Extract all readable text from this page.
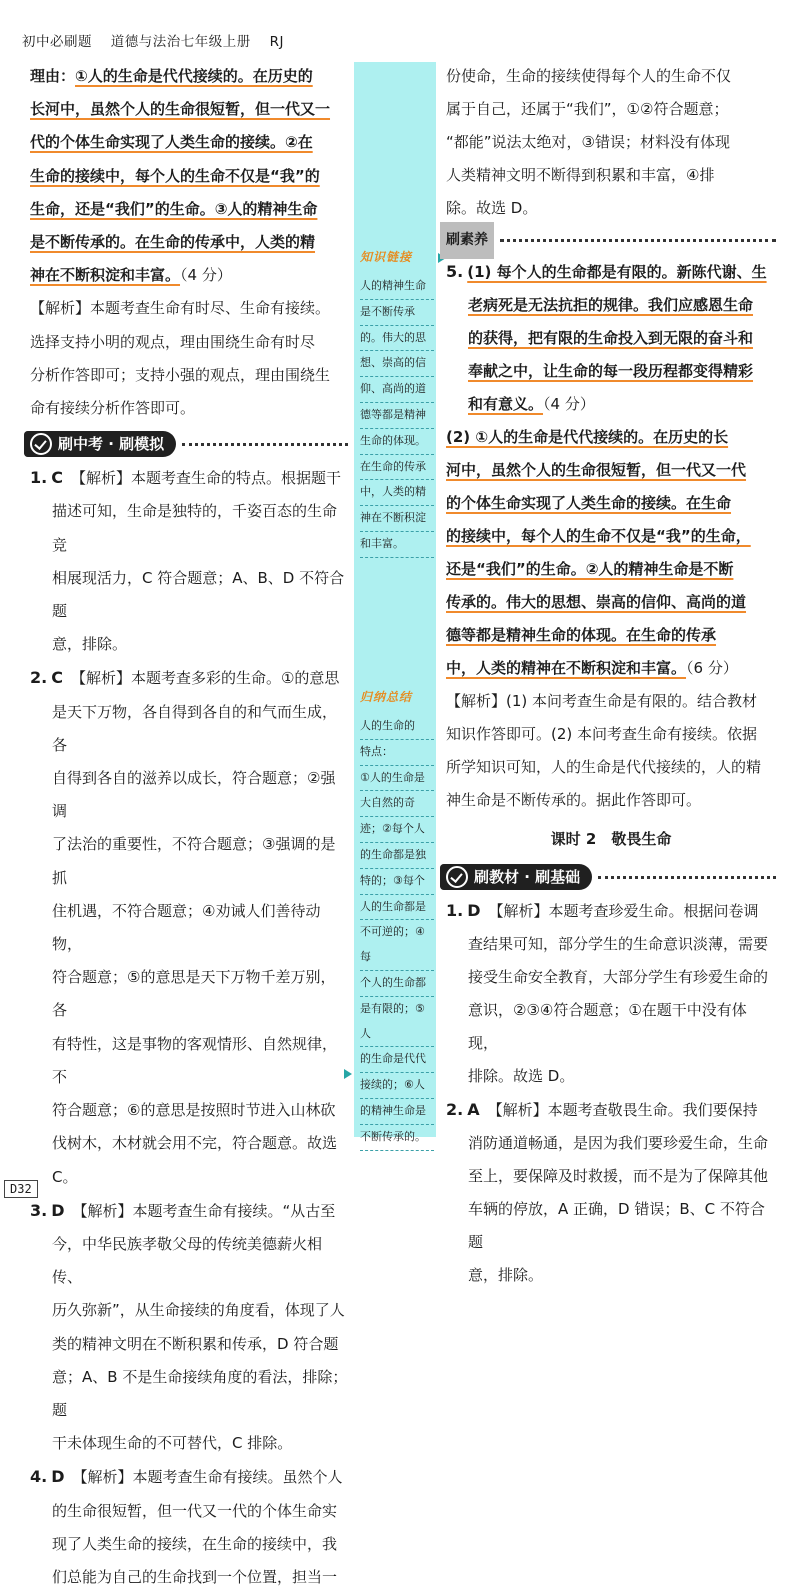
初中必刷题 道德与法治七年级上册 RJ
理由：①人的生命是代代接续的。在历史的
长河中，虽然个人的生命很短暂，但一代又一
代的个体生命实现了人类生命的接续。②在
生命的接续中，每个人的生命不仅是“我”的
生命，还是“我们”的生命。③人的精神生命
是不断传承的。在生命的传承中，人类的精
神在不断积淀和丰富。（4 分）
【解析】本题考查生命有时尽、生命有接续。
选择支持小明的观点，理由围绕生命有时尽
分析作答即可；支持小强的观点，理由围绕生
命有接续分析作答即可。
刷中考 · 刷模拟
1. C 【解析】本题考查生命的特点。根据题干
描述可知，生命是独特的，千姿百态的生命竞
相展现活力，C 符合题意；A、B、D 不符合题
意，排除。
2. C 【解析】本题考查多彩的生命。①的意思
是天下万物，各自得到各自的和气而生成，各
自得到各自的滋养以成长，符合题意；②强调
了法治的重要性，不符合题意；③强调的是抓
住机遇，不符合题意；④劝诫人们善待动物，
符合题意；⑤的意思是天下万物千差万别，各
有特性，这是事物的客观情形、自然规律，不
符合题意；⑥的意思是按照时节进入山林砍
伐树木，木材就会用不完，符合题意。故选 C。
3. D 【解析】本题考查生命有接续。“从古至
今，中华民族孝敬父母的传统美德薪火相传、
历久弥新”，从生命接续的角度看，体现了人
类的精神文明在不断积累和传承，D 符合题
意；A、B 不是生命接续角度的看法，排除；题
干未体现生命的不可替代，C 排除。
4. D 【解析】本题考查生命有接续。虽然个人
的生命很短暂，但一代又一代的个体生命实
现了人类生命的接续，在生命的接续中，我
们总能为自己的生命找到一个位置，担当一
知识链接
人的精神生命
是不断传承
的。伟大的思
想、崇高的信
仰、高尚的道
德等都是精神
生命的体现。
在生命的传承
中，人类的精
神在不断积淀
和丰富。
归纳总结
人的生命的
特点：
①人的生命是
大自然的奇
迹；②每个人
的生命都是独
特的；③每个
人的生命都是
不可逆的；④每
个人的生命都
是有限的；⑤人
的生命是代代
接续的；⑥人
的精神生命是
不断传承的。
份使命，生命的接续使得每个人的生命不仅
属于自己，还属于“我们”，①②符合题意；
“都能”说法太绝对，③错误；材料没有体现
人类精神文明不断得到积累和丰富，④排
除。故选 D。
刷素养
5. (1) 每个人的生命都是有限的。新陈代谢、生
老病死是无法抗拒的规律。我们应感恩生命
的获得，把有限的生命投入到无限的奋斗和
奉献之中，让生命的每一段历程都变得精彩
和有意义。（4 分）
(2) ①人的生命是代代接续的。在历史的长
河中，虽然个人的生命很短暂，但一代又一代
的个体生命实现了人类生命的接续。在生命
的接续中，每个人的生命不仅是“我”的生命，
还是“我们”的生命。②人的精神生命是不断
传承的。伟大的思想、崇高的信仰、高尚的道
德等都是精神生命的体现。在生命的传承
中，人类的精神在不断积淀和丰富。（6 分）
【解析】(1) 本问考查生命是有限的。结合教材
知识作答即可。(2) 本问考查生命有接续。依据
所学知识可知，人的生命是代代接续的，人的精
神生命是不断传承的。据此作答即可。
课时 2　敬畏生命
刷教材 · 刷基础
1. D 【解析】本题考查珍爱生命。根据问卷调
查结果可知，部分学生的生命意识淡薄，需要
接受生命安全教育，大部分学生有珍爱生命的
意识，②③④符合题意；①在题干中没有体现，
排除。故选 D。
2. A 【解析】本题考查敬畏生命。我们要保持
消防通道畅通，是因为我们要珍爱生命，生命
至上，要保障及时救援，而不是为了保障其他
车辆的停放，A 正确，D 错误；B、C 不符合题
意，排除。
D32
